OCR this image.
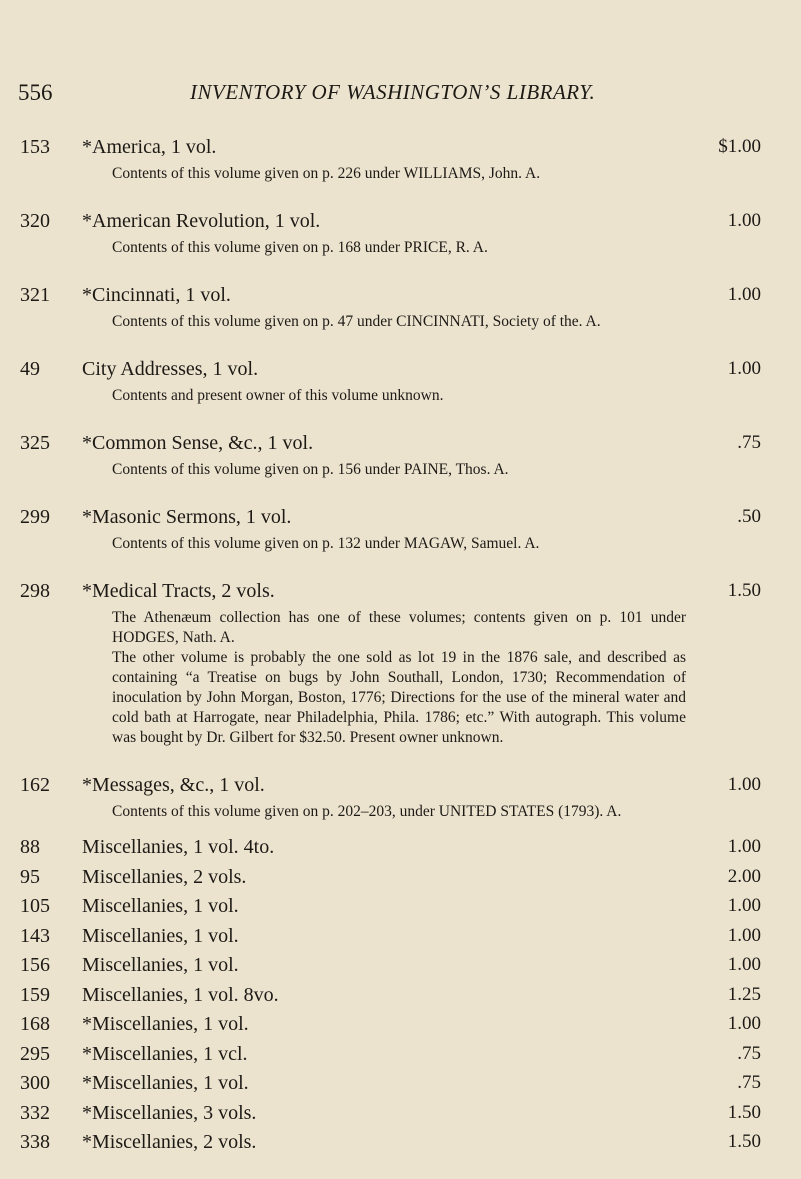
556	INVENTORY OF WASHINGTON’S LIBRARY.
153 *America, 1 vol.	$1.00

Contents of this volume given on p. 226 under WILLIAMS, John. A.

320 *American Revolution, 1 vol.	1.00

Contents of this volume given on p. 168 under PRICE, R. A.

321 *Cincinnati, 1 vol.	1.00

Contents of this volume given on p. 47 under CINCINNATI, Society of the. A.

49 City Addresses, 1 vol.	1.00

Contents and present owner of this volume unknown.

325 *Common Sense, &c., 1 vol.	.75

Contents of this volume given on p. 156 under PAINE, Thos. A.

299 *Masonic Sermons, 1 vol.	.50

Contents of this volume given on p. 132 under MAGAW, Samuel. A.

298 *Medical Tracts, 2 vols.	1.50

The Athenæum collection has one of these volumes; contents given on p. 101 under HODGES, Nath. A.

The other volume is probably the one sold as lot 19 in the 1876 sale, and described as containing “a Treatise on bugs by John Southall, London, 1730; Recommendation of inoculation by John Morgan, Boston, 1776; Directions for the use of the mineral water and cold bath at Harrogate, near Philadelphia, Phila. 1786; etc.” With autograph. This volume was bought by Dr. Gilbert for $32.50. Present owner unknown.

162 *Messages, &c., 1 vol.	1.00

Contents of this volume given on p. 202–203, under UNITED STATES (1793). A.

88 Miscellanies, 1 vol. 4to.	1.00
95 Miscellanies, 2 vols.	2.00
105 Miscellanies, 1 vol.	1.00
143 Miscellanies, 1 vol.	1.00
156 Miscellanies, 1 vol.	1.00
159 Miscellanies, 1 vol. 8vo.	1.25
168 *Miscellanies, 1 vol.	1.00
295 *Miscellanies, 1 vcl.	.75
300 *Miscellanies, 1 vol.	.75
332 *Miscellanies, 3 vols.	1.50
338 *Miscellanies, 2 vols.	1.50
